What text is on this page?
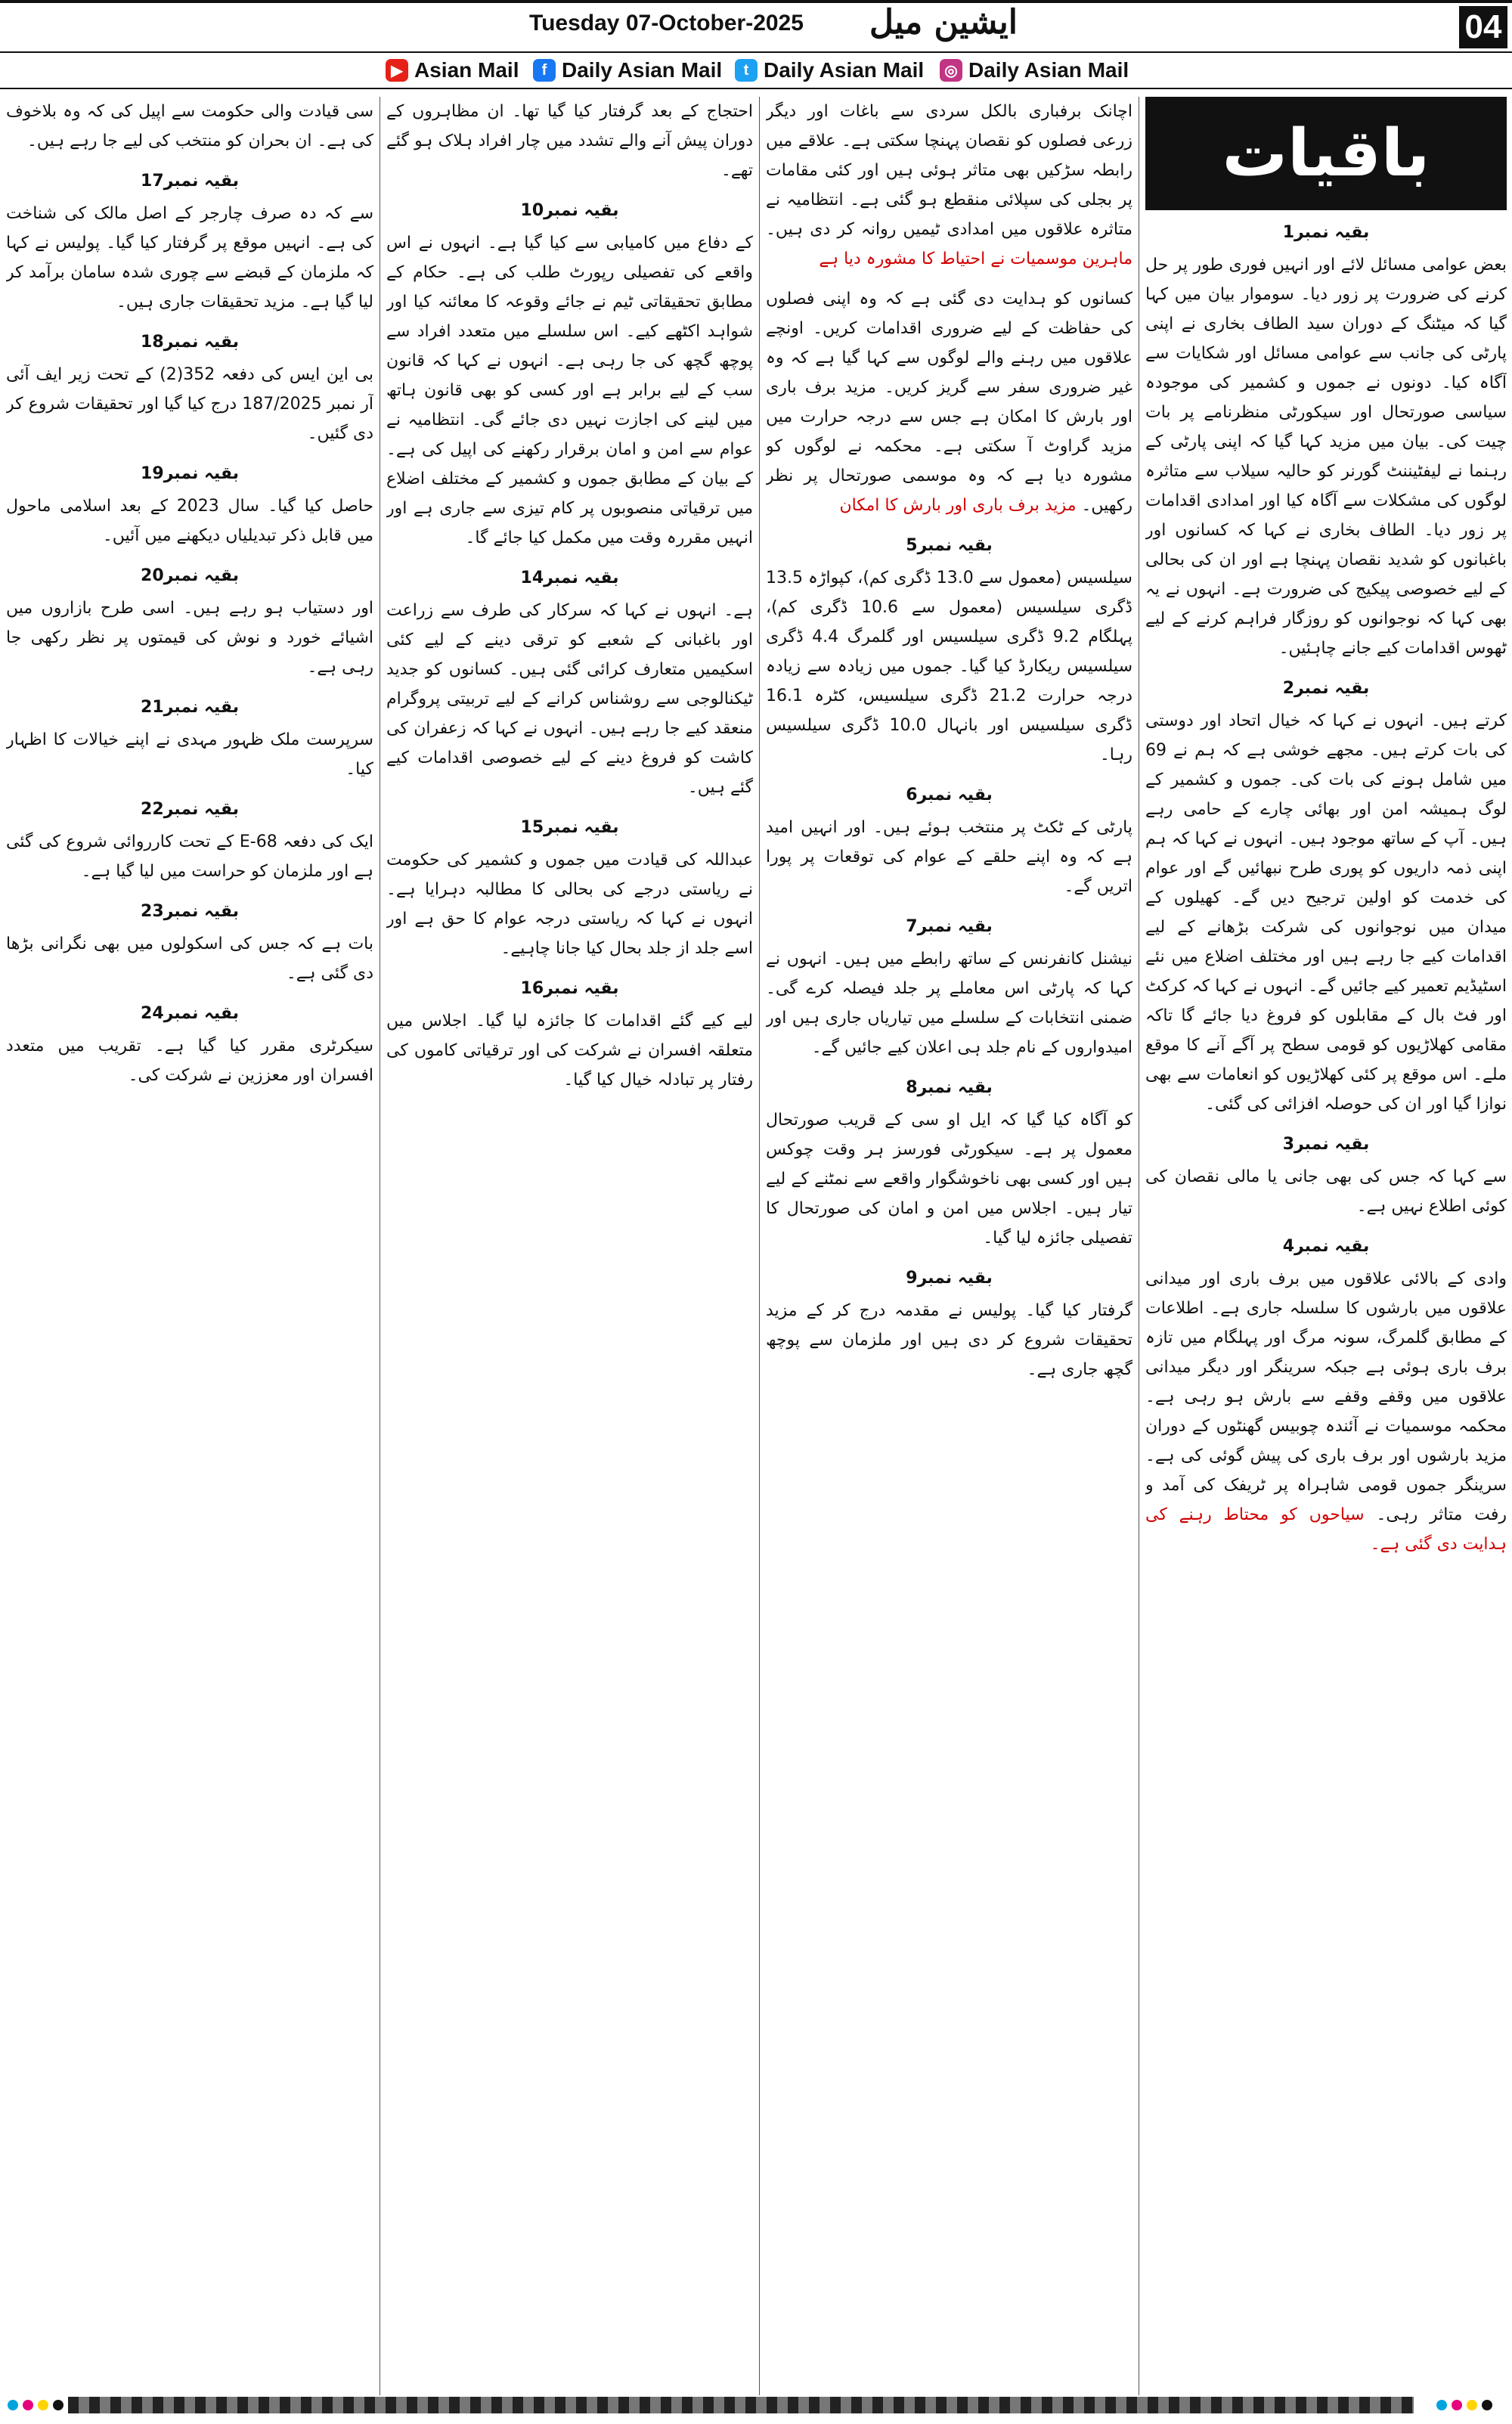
Tuesday 07-October-2025 ایشین میل	04
▶ Asian Mail	f Daily Asian Mail	t Daily Asian Mail	◎ Daily Asian Mail
باقیات
بقیہ نمبر1

بعض عوامی مسائل لائے اور انہیں فوری طور پر حل کرنے کی ضرورت پر زور دیا۔ سوموار بیان میں کہا گیا کہ میٹنگ کے دوران سید الطاف بخاری نے اپنی پارٹی کی جانب سے عوامی مسائل اور شکایات سے آگاہ کیا۔ دونوں نے جموں و کشمیر کی موجودہ سیاسی صورتحال اور سیکورٹی منظرنامے پر بات چیت کی۔ بیان میں مزید کہا گیا کہ اپنی پارٹی کے رہنما نے لیفٹیننٹ گورنر کو حالیہ سیلاب سے متاثرہ لوگوں کی مشکلات سے آگاہ کیا اور امدادی اقدامات پر زور دیا۔ الطاف بخاری نے کہا کہ کسانوں اور باغبانوں کو شدید نقصان پہنچا ہے اور ان کی بحالی کے لیے خصوصی پیکیج کی ضرورت ہے۔ انہوں نے یہ بھی کہا کہ نوجوانوں کو روزگار فراہم کرنے کے لیے ٹھوس اقدامات کیے جانے چاہئیں۔

بقیہ نمبر2

کرتے ہیں۔ انہوں نے کہا کہ خیال اتحاد اور دوستی کی بات کرتے ہیں۔ مجھے خوشی ہے کہ ہم نے 69 میں شامل ہونے کی بات کی۔ جموں و کشمیر کے لوگ ہمیشہ امن اور بھائی چارے کے حامی رہے ہیں۔ آپ کے ساتھ موجود ہیں۔ انہوں نے کہا کہ ہم اپنی ذمہ داریوں کو پوری طرح نبھائیں گے اور عوام کی خدمت کو اولین ترجیح دیں گے۔ کھیلوں کے میدان میں نوجوانوں کی شرکت بڑھانے کے لیے اقدامات کیے جا رہے ہیں اور مختلف اضلاع میں نئے اسٹیڈیم تعمیر کیے جائیں گے۔ انہوں نے کہا کہ کرکٹ اور فٹ بال کے مقابلوں کو فروغ دیا جائے گا تاکہ مقامی کھلاڑیوں کو قومی سطح پر آگے آنے کا موقع ملے۔ اس موقع پر کئی کھلاڑیوں کو انعامات سے بھی نوازا گیا اور ان کی حوصلہ افزائی کی گئی۔

بقیہ نمبر3

سے کہا کہ جس کی بھی جانی یا مالی نقصان کی کوئی اطلاع نہیں ہے۔

بقیہ نمبر4

وادی کے بالائی علاقوں میں برف باری اور میدانی علاقوں میں بارشوں کا سلسلہ جاری ہے۔ اطلاعات کے مطابق گلمرگ، سونہ مرگ اور پہلگام میں تازہ برف باری ہوئی ہے جبکہ سرینگر اور دیگر میدانی علاقوں میں وقفے وقفے سے بارش ہو رہی ہے۔ محکمہ موسمیات نے آئندہ چوبیس گھنٹوں کے دوران مزید بارشوں اور برف باری کی پیش گوئی کی ہے۔ سرینگر جموں قومی شاہراہ پر ٹریفک کی آمد و رفت متاثر رہی۔ سیاحوں کو محتاط رہنے کی ہدایت دی گئی ہے۔

اچانک برفباری بالکل سردی سے باغات اور دیگر زرعی فصلوں کو نقصان پہنچا سکتی ہے۔ علاقے میں رابطہ سڑکیں بھی متاثر ہوئی ہیں اور کئی مقامات پر بجلی کی سپلائی منقطع ہو گئی ہے۔ انتظامیہ نے متاثرہ علاقوں میں امدادی ٹیمیں روانہ کر دی ہیں۔ ماہرین موسمیات نے احتیاط کا مشورہ دیا ہے

کسانوں کو ہدایت دی گئی ہے کہ وہ اپنی فصلوں کی حفاظت کے لیے ضروری اقدامات کریں۔ اونچے علاقوں میں رہنے والے لوگوں سے کہا گیا ہے کہ وہ غیر ضروری سفر سے گریز کریں۔ مزید برف باری اور بارش کا امکان ہے جس سے درجہ حرارت میں مزید گراوٹ آ سکتی ہے۔ محکمہ نے لوگوں کو مشورہ دیا ہے کہ وہ موسمی صورتحال پر نظر رکھیں۔ مزید برف باری اور بارش کا امکان

بقیہ نمبر5

سیلسیس (معمول سے 13.0 ڈگری کم)، کپواڑہ 13.5 ڈگری سیلسیس (معمول سے 10.6 ڈگری کم)، پہلگام 9.2 ڈگری سیلسیس اور گلمرگ 4.4 ڈگری سیلسیس ریکارڈ کیا گیا۔ جموں میں زیادہ سے زیادہ درجہ حرارت 21.2 ڈگری سیلسیس، کٹرہ 16.1 ڈگری سیلسیس اور بانہال 10.0 ڈگری سیلسیس رہا۔

بقیہ نمبر6

پارٹی کے ٹکٹ پر منتخب ہوئے ہیں۔ اور انہیں امید ہے کہ وہ اپنے حلقے کے عوام کی توقعات پر پورا اتریں گے۔

بقیہ نمبر7

نیشنل کانفرنس کے ساتھ رابطے میں ہیں۔ انہوں نے کہا کہ پارٹی اس معاملے پر جلد فیصلہ کرے گی۔ ضمنی انتخابات کے سلسلے میں تیاریاں جاری ہیں اور امیدواروں کے نام جلد ہی اعلان کیے جائیں گے۔

بقیہ نمبر8

کو آگاہ کیا گیا کہ ایل او سی کے قریب صورتحال معمول پر ہے۔ سیکورٹی فورسز ہر وقت چوکس ہیں اور کسی بھی ناخوشگوار واقعے سے نمٹنے کے لیے تیار ہیں۔ اجلاس میں امن و امان کی صورتحال کا تفصیلی جائزہ لیا گیا۔

بقیہ نمبر9

گرفتار کیا گیا۔ پولیس نے مقدمہ درج کر کے مزید تحقیقات شروع کر دی ہیں اور ملزمان سے پوچھ گچھ جاری ہے۔

احتجاج کے بعد گرفتار کیا گیا تھا۔ ان مظاہروں کے دوران پیش آنے والے تشدد میں چار افراد ہلاک ہو گئے تھے۔

بقیہ نمبر10

کے دفاع میں کامیابی سے کیا گیا ہے۔ انہوں نے اس واقعے کی تفصیلی رپورٹ طلب کی ہے۔ حکام کے مطابق تحقیقاتی ٹیم نے جائے وقوعہ کا معائنہ کیا اور شواہد اکٹھے کیے۔ اس سلسلے میں متعدد افراد سے پوچھ گچھ کی جا رہی ہے۔ انہوں نے کہا کہ قانون سب کے لیے برابر ہے اور کسی کو بھی قانون ہاتھ میں لینے کی اجازت نہیں دی جائے گی۔ انتظامیہ نے عوام سے امن و امان برقرار رکھنے کی اپیل کی ہے۔ کے بیان کے مطابق جموں و کشمیر کے مختلف اضلاع میں ترقیاتی منصوبوں پر کام تیزی سے جاری ہے اور انہیں مقررہ وقت میں مکمل کیا جائے گا۔

بقیہ نمبر14

ہے۔ انہوں نے کہا کہ سرکار کی طرف سے زراعت اور باغبانی کے شعبے کو ترقی دینے کے لیے کئی اسکیمیں متعارف کرائی گئی ہیں۔ کسانوں کو جدید ٹیکنالوجی سے روشناس کرانے کے لیے تربیتی پروگرام منعقد کیے جا رہے ہیں۔ انہوں نے کہا کہ زعفران کی کاشت کو فروغ دینے کے لیے خصوصی اقدامات کیے گئے ہیں۔

بقیہ نمبر15

عبداللہ کی قیادت میں جموں و کشمیر کی حکومت نے ریاستی درجے کی بحالی کا مطالبہ دہرایا ہے۔ انہوں نے کہا کہ ریاستی درجہ عوام کا حق ہے اور اسے جلد از جلد بحال کیا جانا چاہیے۔

بقیہ نمبر16

لیے کیے گئے اقدامات کا جائزہ لیا گیا۔ اجلاس میں متعلقہ افسران نے شرکت کی اور ترقیاتی کاموں کی رفتار پر تبادلہ خیال کیا گیا۔

سی قیادت والی حکومت سے اپیل کی کہ وہ بلاخوف کی ہے۔ ان بحران کو منتخب کی لیے جا رہے ہیں۔

بقیہ نمبر17

سے کہ دہ صرف چارجر کے اصل مالک کی شناخت کی ہے۔ انہیں موقع پر گرفتار کیا گیا۔ پولیس نے کہا کہ ملزمان کے قبضے سے چوری شدہ سامان برآمد کر لیا گیا ہے۔ مزید تحقیقات جاری ہیں۔

بقیہ نمبر18

بی این ایس کی دفعہ 352(2) کے تحت زیر ایف آئی آر نمبر 187/2025 درج کیا گیا اور تحقیقات شروع کر دی گئیں۔

بقیہ نمبر19

حاصل کیا گیا۔ سال 2023 کے بعد اسلامی ماحول میں قابل ذکر تبدیلیاں دیکھنے میں آئیں۔

بقیہ نمبر20

اور دستیاب ہو رہے ہیں۔ اسی طرح بازاروں میں اشیائے خورد و نوش کی قیمتوں پر نظر رکھی جا رہی ہے۔

بقیہ نمبر21

سرپرست ملک ظہور مہدی نے اپنے خیالات کا اظہار کیا۔

بقیہ نمبر22

ایک کی دفعہ 68-E کے تحت کارروائی شروع کی گئی ہے اور ملزمان کو حراست میں لیا گیا ہے۔

بقیہ نمبر23

بات ہے کہ جس کی اسکولوں میں بھی نگرانی بڑھا دی گئی ہے۔

بقیہ نمبر24

سیکرٹری مقرر کیا گیا ہے۔ تقریب میں متعدد افسران اور معززین نے شرکت کی۔
